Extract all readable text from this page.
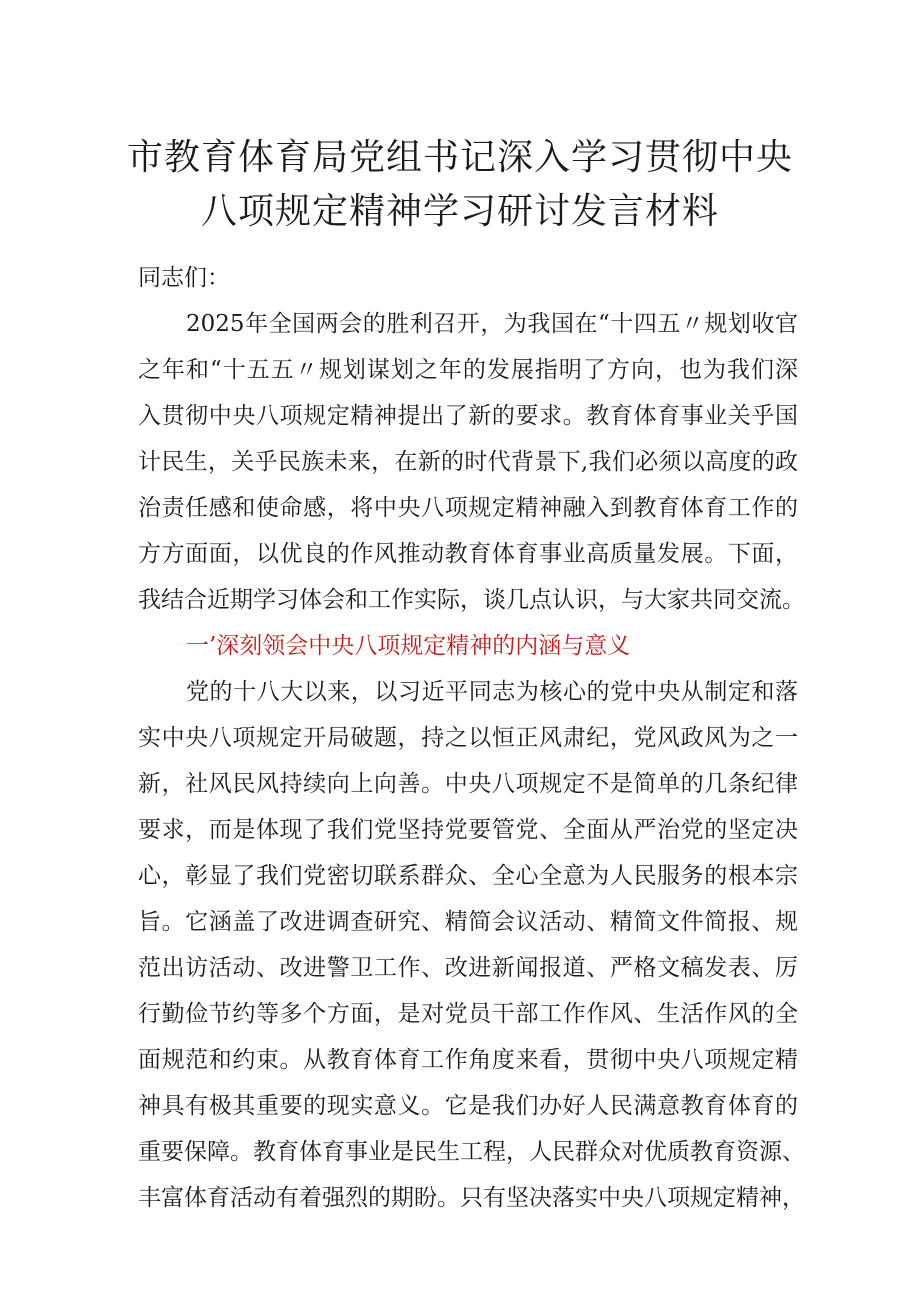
市教育体育局党组书记深入学习贯彻中央
八项规定精神学习研讨发言材料
同志们：
2025年全国两会的胜利召开，为我国在“十四五〃规划收官
之年和“十五五〃规划谋划之年的发展指明了方向，也为我们深
入贯彻中央八项规定精神提出了新的要求。教育体育事业关乎国
计民生，关乎民族未来，在新的时代背景下,我们必须以高度的政
治责任感和使命感，将中央八项规定精神融入到教育体育工作的
方方面面，以优良的作风推动教育体育事业高质量发展。下面，
我结合近期学习体会和工作实际，谈几点认识，与大家共同交流。
一’深刻领会中央八项规定精神的内涵与意义
党的十八大以来，以习近平同志为核心的党中央从制定和落
实中央八项规定开局破题，持之以恒正风肃纪，党风政风为之一
新，社风民风持续向上向善。中央八项规定不是简单的几条纪律
要求，而是体现了我们党坚持党要管党、全面从严治党的坚定决
心，彰显了我们党密切联系群众、全心全意为人民服务的根本宗
旨。它涵盖了改进调查研究、精简会议活动、精简文件简报、规
范出访活动、改进警卫工作、改进新闻报道、严格文稿发表、厉
行勤俭节约等多个方面，是对党员干部工作作风、生活作风的全
面规范和约束。从教育体育工作角度来看，贯彻中央八项规定精
神具有极其重要的现实意义。它是我们办好人民满意教育体育的
重要保障。教育体育事业是民生工程，人民群众对优质教育资源、
丰富体育活动有着强烈的期盼。只有坚决落实中央八项规定精神，
